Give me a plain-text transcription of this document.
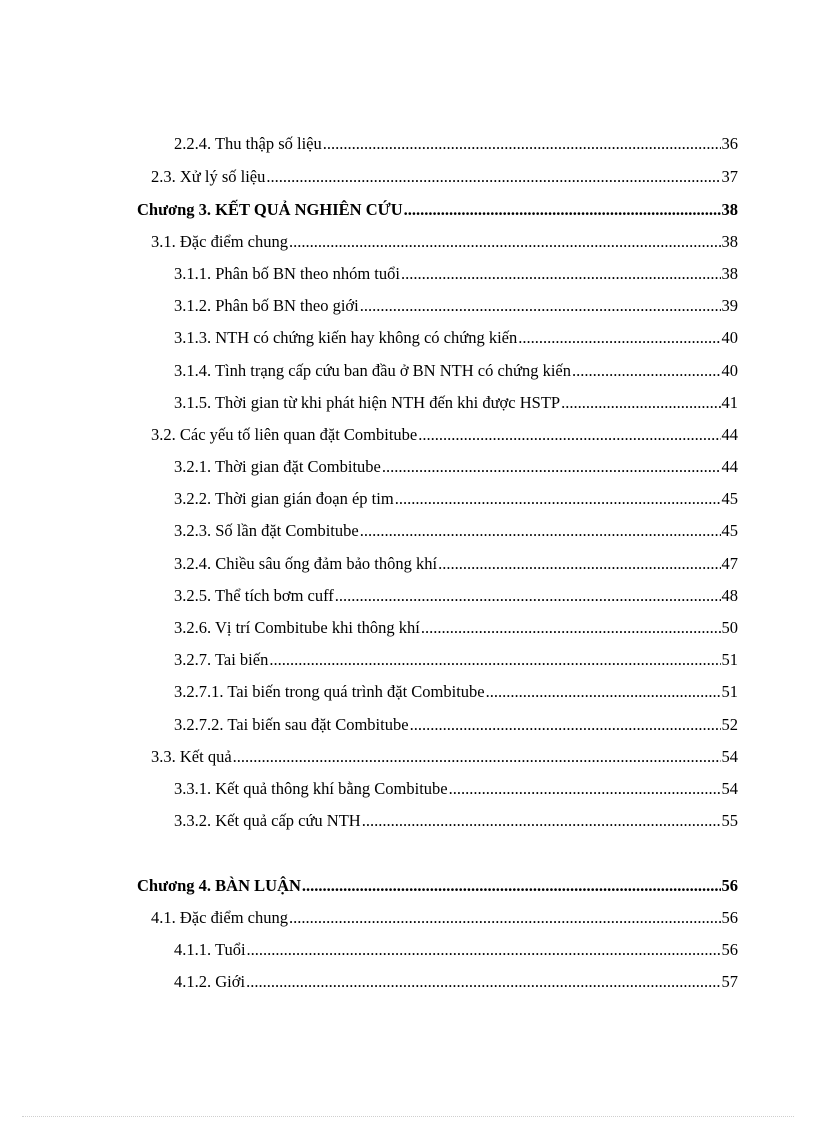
2.2.4. Thu thập số liệu .....	36
2.3. Xử lý số liệu .....	37
Chương 3. KẾT QUẢ NGHIÊN CỨU .....	38
3.1. Đặc điểm chung .....	38
3.1.1. Phân bố BN theo nhóm tuổi .....	38
3.1.2. Phân bố BN theo giới .....	39
3.1.3. NTH có chứng kiến hay không có chứng kiến .....	40
3.1.4. Tình trạng cấp cứu ban đầu ở BN NTH có chứng kiến .....	40
3.1.5. Thời gian từ khi phát hiện NTH đến khi được HSTP .....	41
3.2. Các yếu tố liên quan đặt Combitube .....	44
3.2.1. Thời gian đặt Combitube .....	44
3.2.2. Thời gian gián đoạn ép tim .....	45
3.2.3. Số lần đặt Combitube .....	45
3.2.4. Chiều sâu ống đảm bảo thông khí .....	47
3.2.5. Thể tích bơm cuff .....	48
3.2.6. Vị trí Combitube khi thông khí .....	50
3.2.7. Tai biến .....	51
3.2.7.1. Tai biến trong quá trình đặt Combitube .....	51
3.2.7.2. Tai biến sau đặt Combitube .....	52
3.3. Kết quả .....	54
3.3.1. Kết quả thông khí bằng Combitube .....	54
3.3.2. Kết quả cấp cứu NTH .....	55
Chương 4. BÀN LUẬN .....	56
4.1. Đặc điểm chung .....	56
4.1.1. Tuổi .....	56
4.1.2. Giới .....	57
